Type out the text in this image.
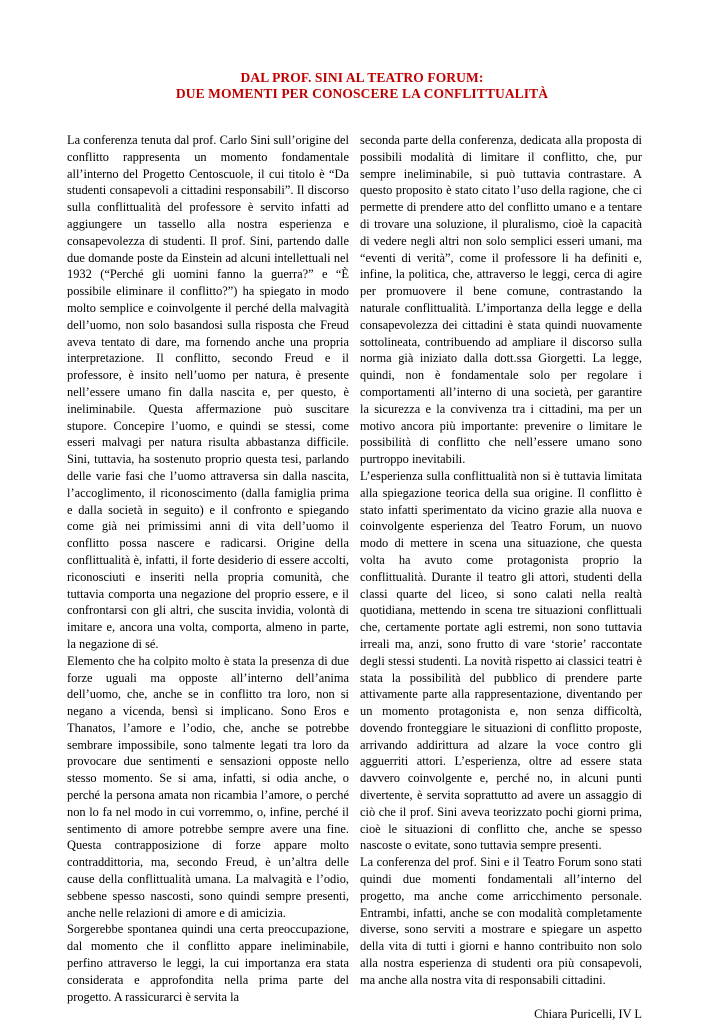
DAL PROF. SINI AL TEATRO FORUM:
DUE MOMENTI PER CONOSCERE LA CONFLITTUALITÀ

La conferenza tenuta dal prof. Carlo Sini sull’origine del conflitto rappresenta un momento fondamentale all’interno del Progetto Centoscuole, il cui titolo è “Da studenti consapevoli a cittadini responsabili”. Il discorso sulla conflittualità del professore è servito infatti ad aggiungere un tassello alla nostra esperienza e consapevolezza di studenti. Il prof. Sini, partendo dalle due domande poste da Einstein ad alcuni intellettuali nel 1932 (“Perché gli uomini fanno la guerra?” e “È possibile eliminare il conflitto?”) ha spiegato in modo molto semplice e coinvolgente il perché della malvagità dell’uomo, non solo basandosi sulla risposta che Freud aveva tentato di dare, ma fornendo anche una propria interpretazione. Il conflitto, secondo Freud e il professore, è insito nell’uomo per natura, è presente nell’essere umano fin dalla nascita e, per questo, è ineliminabile. Questa affermazione può suscitare stupore. Concepire l’uomo, e quindi se stessi, come esseri malvagi per natura risulta abbastanza difficile. Sini, tuttavia, ha sostenuto proprio questa tesi, parlando delle varie fasi che l’uomo attraversa sin dalla nascita, l’accoglimento, il riconoscimento (dalla famiglia prima e dalla società in seguito) e il confronto e spiegando come già nei primissimi anni di vita dell’uomo il conflitto possa nascere e radicarsi. Origine della conflittualità è, infatti, il forte desiderio di essere accolti, riconosciuti e inseriti nella propria comunità, che tuttavia comporta una negazione del proprio essere, e il confrontarsi con gli altri, che suscita invidia, volontà di imitare e, ancora una volta, comporta, almeno in parte, la negazione di sé.

Elemento che ha colpito molto è stata la presenza di due forze uguali ma opposte all’interno dell’anima dell’uomo, che, anche se in conflitto tra loro, non si negano a vicenda, bensì si implicano. Sono Eros e Thanatos, l’amore e l’odio, che, anche se potrebbe sembrare impossibile, sono talmente legati tra loro da provocare due sentimenti e sensazioni opposte nello stesso momento. Se si ama, infatti, si odia anche, o perché la persona amata non ricambia l’amore, o perché non lo fa nel modo in cui vorremmo, o, infine, perché il sentimento di amore potrebbe sempre avere una fine. Questa contrapposizione di forze appare molto contraddittoria, ma, secondo Freud, è un’altra delle cause della conflittualità umana. La malvagità e l’odio, sebbene spesso nascosti, sono quindi sempre presenti, anche nelle relazioni di amore e di amicizia.

Sorgerebbe spontanea quindi una certa preoccupazione, dal momento che il conflitto appare ineliminabile, perfino attraverso le leggi, la cui importanza era stata considerata e approfondita nella prima parte del progetto. A rassicurarci è servita la

seconda parte della conferenza, dedicata alla proposta di possibili modalità di limitare il conflitto, che, pur sempre ineliminabile, si può tuttavia contrastare. A questo proposito è stato citato l’uso della ragione, che ci permette di prendere atto del conflitto umano e a tentare di trovare una soluzione, il pluralismo, cioè la capacità di vedere negli altri non solo semplici esseri umani, ma “eventi di verità”, come il professore li ha definiti e, infine, la politica, che, attraverso le leggi, cerca di agire per promuovere il bene comune, contrastando la naturale conflittualità. L’importanza della legge e della consapevolezza dei cittadini è stata quindi nuovamente sottolineata, contribuendo ad ampliare il discorso sulla norma già iniziato dalla dott.ssa Giorgetti. La legge, quindi, non è fondamentale solo per regolare i comportamenti all’interno di una società, per garantire la sicurezza e la convivenza tra i cittadini, ma per un motivo ancora più importante: prevenire o limitare le possibilità di conflitto che nell’essere umano sono purtroppo inevitabili.

L’esperienza sulla conflittualità non si è tuttavia limitata alla spiegazione teorica della sua origine. Il conflitto è stato infatti sperimentato da vicino grazie alla nuova e coinvolgente esperienza del Teatro Forum, un nuovo modo di mettere in scena una situazione, che questa volta ha avuto come protagonista proprio la conflittualità. Durante il teatro gli attori, studenti della classi quarte del liceo, si sono calati nella realtà quotidiana, mettendo in scena tre situazioni conflittuali che, certamente portate agli estremi, non sono tuttavia irreali ma, anzi, sono frutto di vare ‘storie’ raccontate degli stessi studenti. La novità rispetto ai classici teatri è stata la possibilità del pubblico di prendere parte attivamente parte alla rappresentazione, diventando per un momento protagonista e, non senza difficoltà, dovendo fronteggiare le situazioni di conflitto proposte, arrivando addirittura ad alzare la voce contro gli agguerriti attori. L’esperienza, oltre ad essere stata davvero coinvolgente e, perché no, in alcuni punti divertente, è servita soprattutto ad avere un assaggio di ciò che il prof. Sini aveva teorizzato pochi giorni prima, cioè le situazioni di conflitto che, anche se spesso nascoste o evitate, sono tuttavia sempre presenti.

La conferenza del prof. Sini e il Teatro Forum sono stati quindi due momenti fondamentali all’interno del progetto, ma anche come arricchimento personale. Entrambi, infatti, anche se con modalità completamente diverse, sono serviti a mostrare e spiegare un aspetto della vita di tutti i giorni e hanno contribuito non solo alla nostra esperienza di studenti ora più consapevoli, ma anche alla nostra vita di responsabili cittadini.

Chiara Puricelli, IV L
